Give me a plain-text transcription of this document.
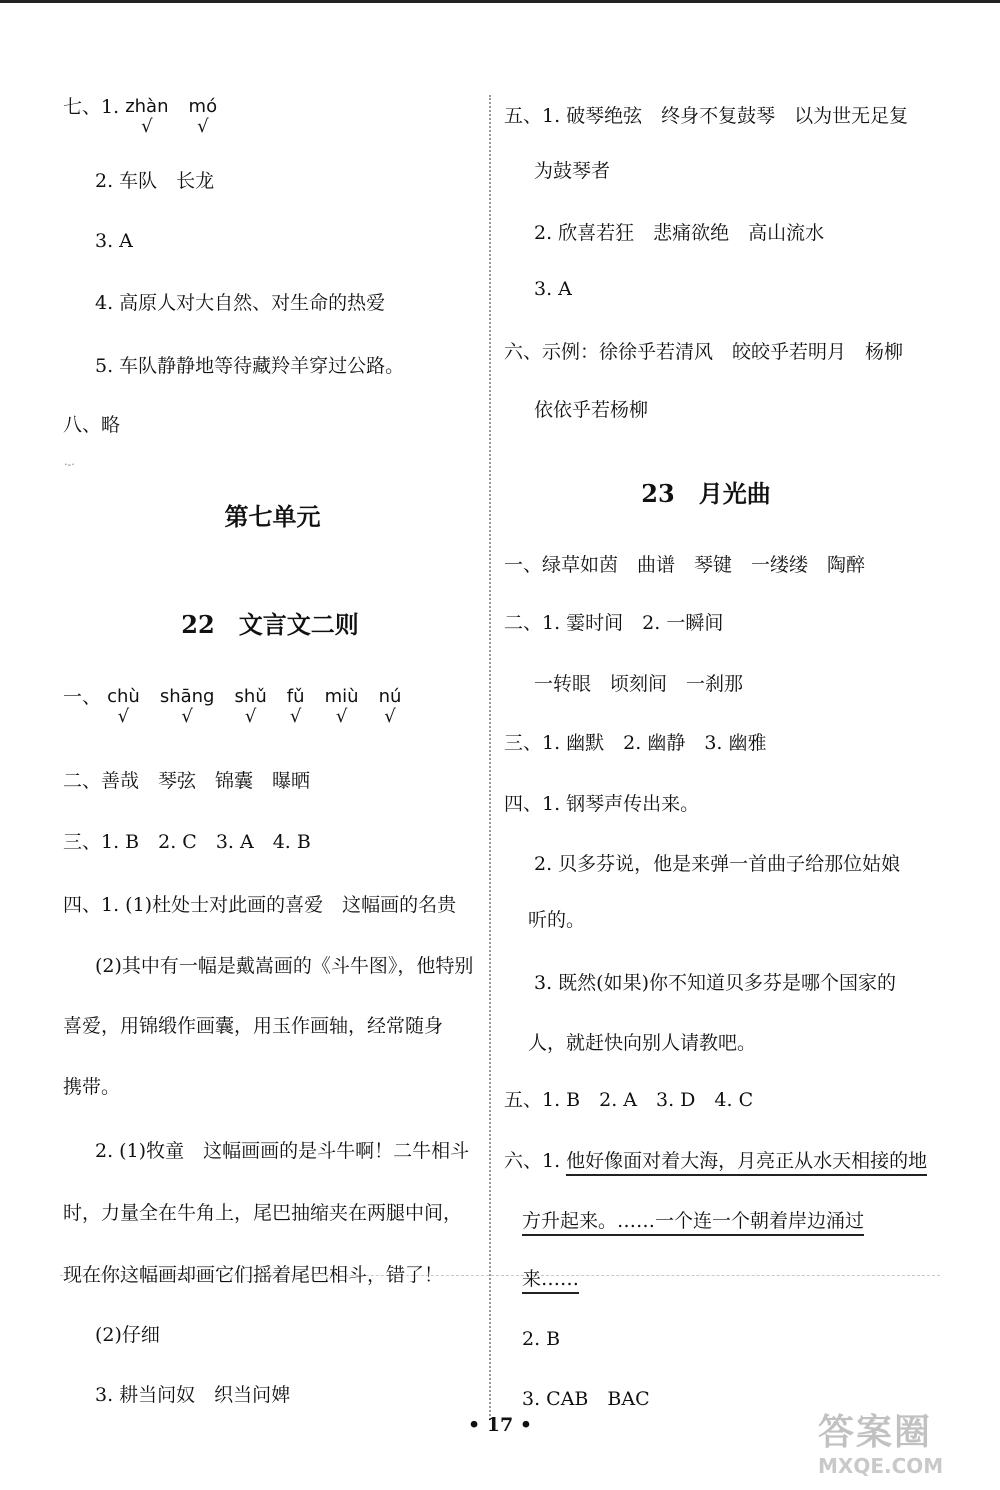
七、1. zhàn
√

mó
√
2. 车队　长龙
3. A
4. 高原人对大自然、对生命的热爱
5. 车队静静地等待藏羚羊穿过公路。
八、略
·-·
第七单元
22　文言文二则
一、 chù
√

shāng
√

shǔ
√

fǔ
√

miù
√

nú
√
二、善哉　琴弦　锦囊　曝晒
三、1. B　2. C　3. A　4. B
四、1. (1)杜处士对此画的喜爱　这幅画的名贵
(2)其中有一幅是戴嵩画的《斗牛图》，他特别
喜爱，用锦缎作画囊，用玉作画轴，经常随身
携带。
2. (1)牧童　这幅画画的是斗牛啊！二牛相斗
时，力量全在牛角上，尾巴抽缩夹在两腿中间，
现在你这幅画却画它们摇着尾巴相斗，错了！
(2)仔细
3. 耕当问奴　织当问婢
五、1. 破琴绝弦　终身不复鼓琴　以为世无足复
为鼓琴者
2. 欣喜若狂　悲痛欲绝　高山流水
3. A
六、示例：徐徐乎若清风　皎皎乎若明月　杨柳
依依乎若杨柳
23　月光曲
一、绿草如茵　曲谱　琴键　一缕缕　陶醉
二、1. 霎时间　2. 一瞬间
一转眼　顷刻间　一刹那
三、1. 幽默　2. 幽静　3. 幽雅
四、1. 钢琴声传出来。
2. 贝多芬说，他是来弹一首曲子给那位姑娘
听的。
3. 既然(如果)你不知道贝多芬是哪个国家的
人，就赶快向别人请教吧。
五、1. B　2. A　3. D　4. C
六、1. 他好像面对着大海，月亮正从水天相接的地
方升起来。……一个连一个朝着岸边涌过
来……
2. B
3. CAB　BAC
• 17 •	答案圈
MXQE.COM
